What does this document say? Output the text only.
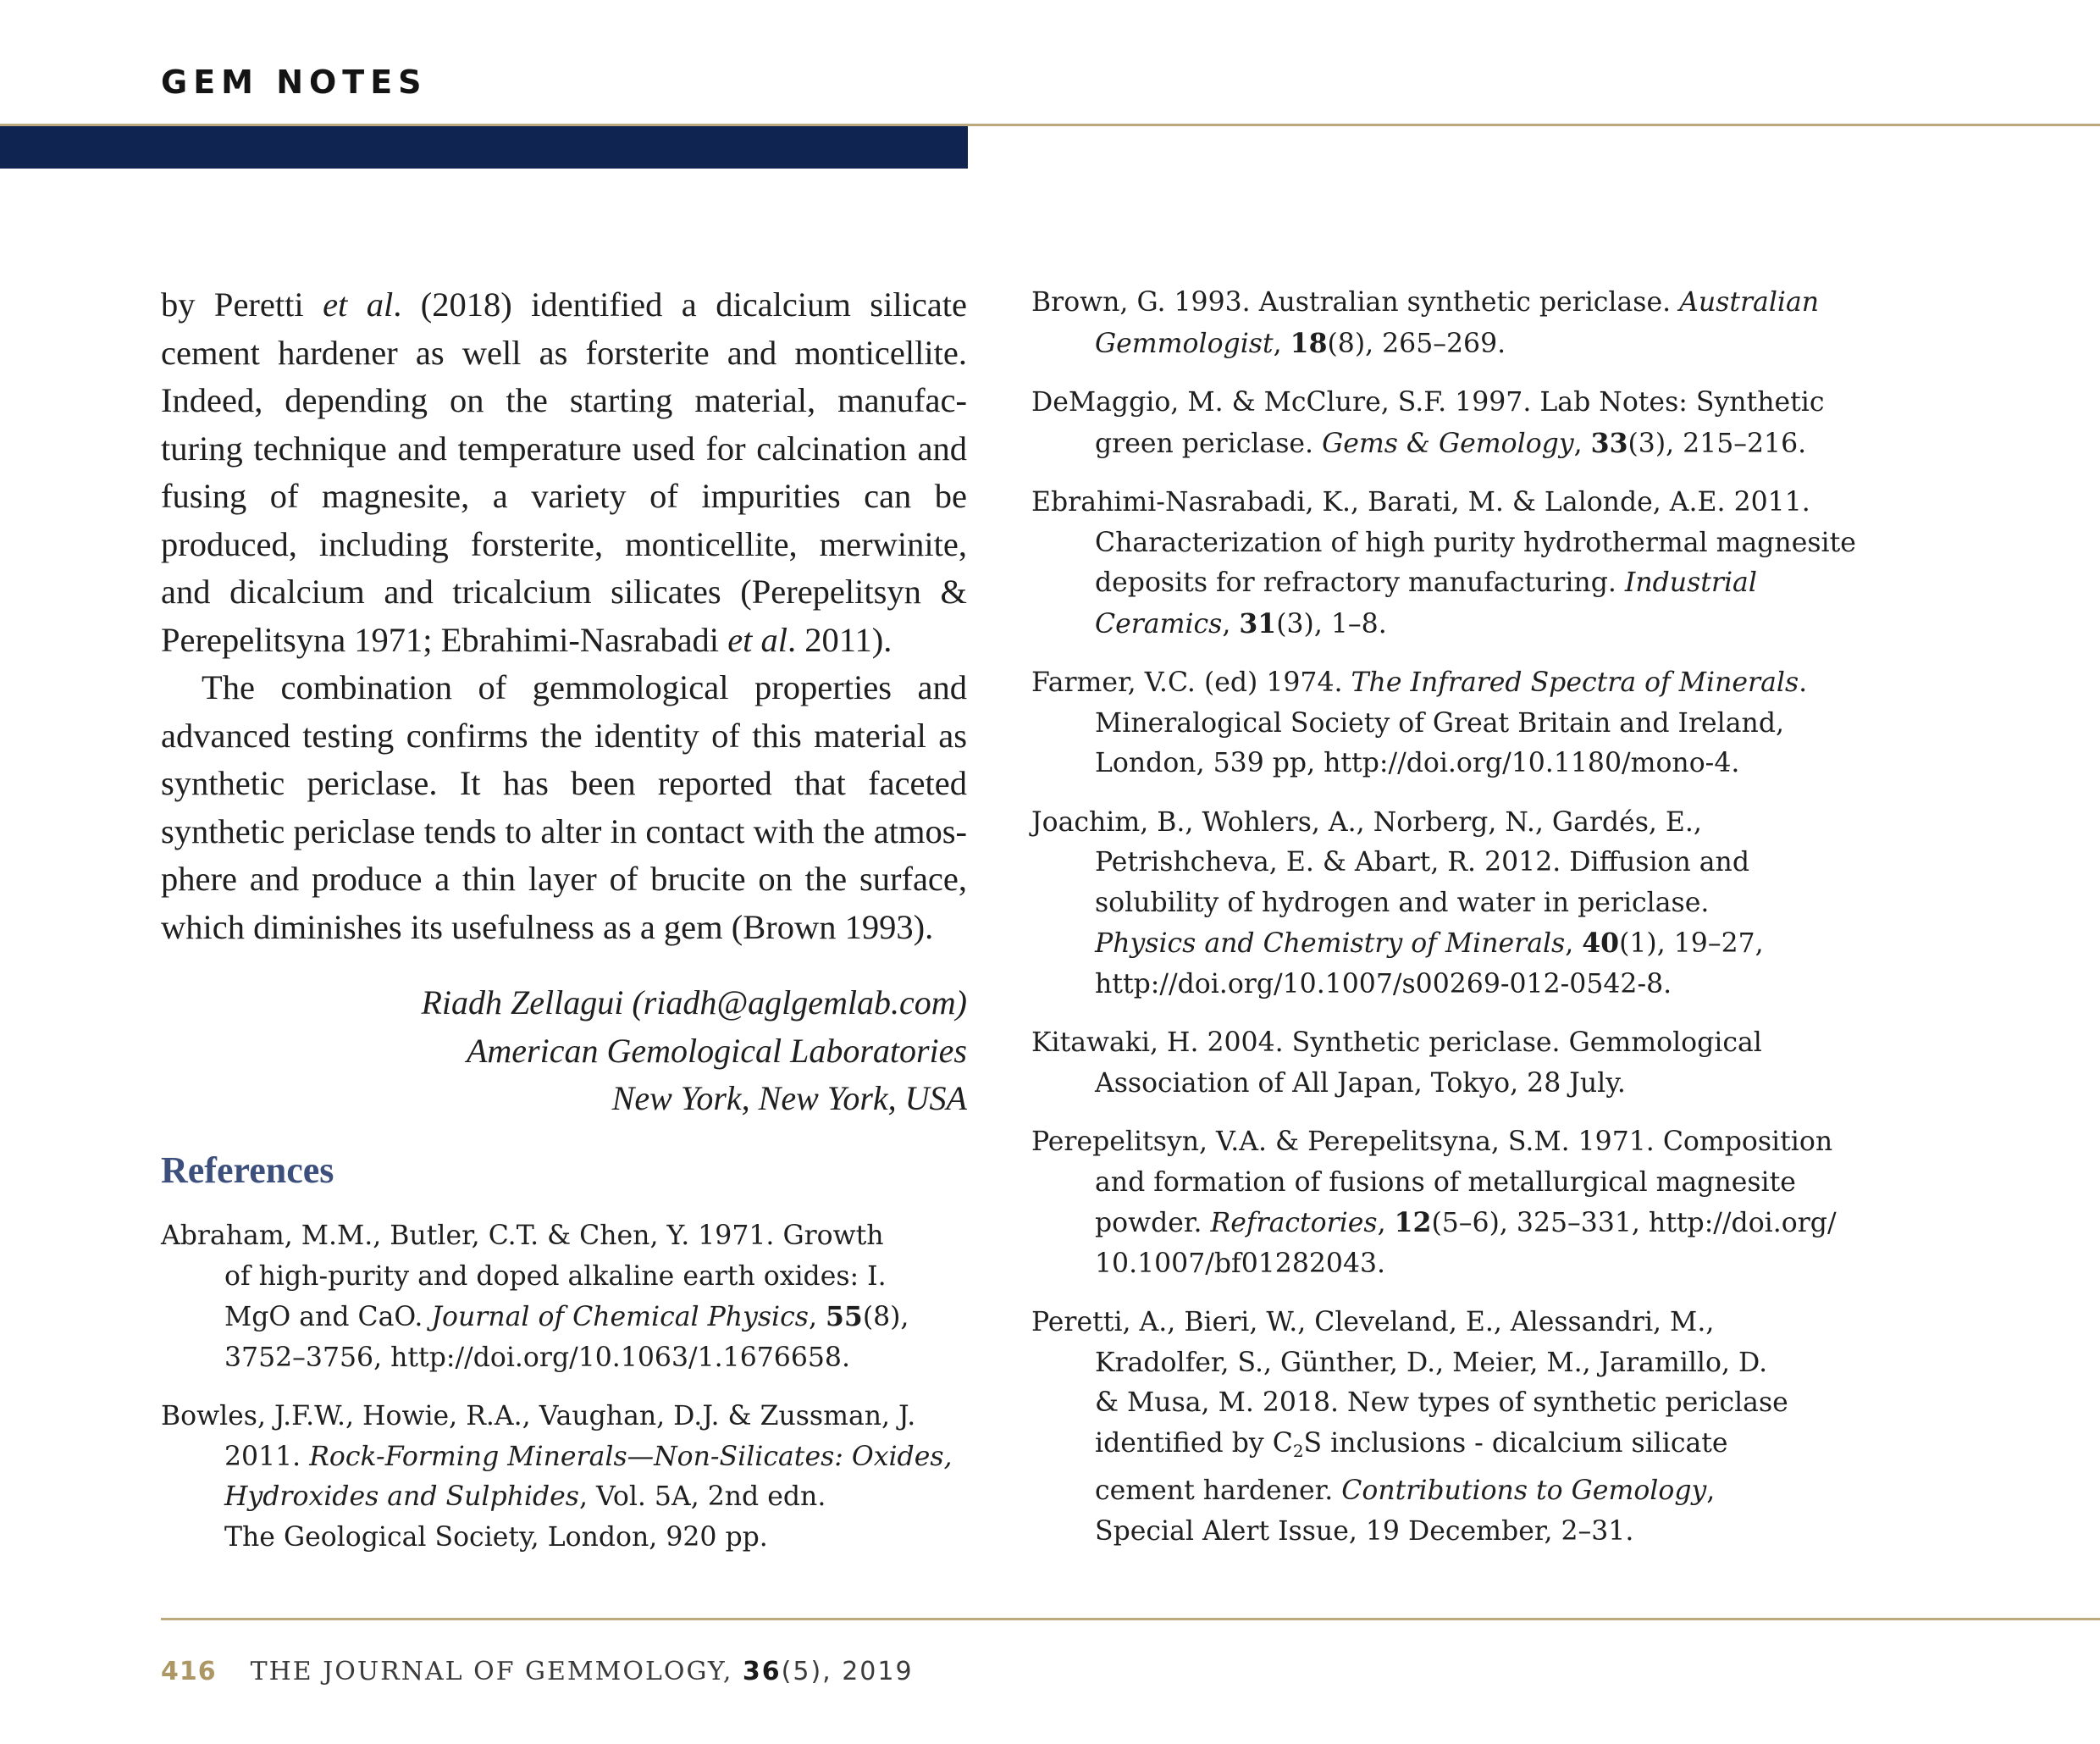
GEM NOTES

by Peretti et al. (2018) identified a dicalcium silicate cement hardener as well as forsterite and monticellite. Indeed, depending on the starting material, manufac-turing technique and temperature used for calcination and fusing of magnesite, a variety of impurities can be produced, including forsterite, monticellite, merwinite, and dicalcium and tricalcium silicates (Perepelitsyn & Perepelitsyna 1971; Ebrahimi-Nasrabadi et al. 2011).

The combination of gemmological properties and advanced testing confirms the identity of this material as synthetic periclase. It has been reported that faceted synthetic periclase tends to alter in contact with the atmos-phere and produce a thin layer of brucite on the surface, which diminishes its usefulness as a gem (Brown 1993).

Riadh Zellagui (riadh@aglgemlab.com)
American Gemological Laboratories
New York, New York, USA
References
Abraham, M.M., Butler, C.T. & Chen, Y. 1971. Growth
of high-purity and doped alkaline earth oxides: I.
MgO and CaO. Journal of Chemical Physics, 55(8),
3752–3756, http://doi.org/10.1063/1.1676658.
Bowles, J.F.W., Howie, R.A., Vaughan, D.J. & Zussman, J.
2011. Rock-Forming Minerals—Non-Silicates: Oxides,
Hydroxides and Sulphides, Vol. 5A, 2nd edn.
The Geological Society, London, 920 pp.
Brown, G. 1993. Australian synthetic periclase. Australian
Gemmologist, 18(8), 265–269.
DeMaggio, M. & McClure, S.F. 1997. Lab Notes: Synthetic
green periclase. Gems & Gemology, 33(3), 215–216.
Ebrahimi-Nasrabadi, K., Barati, M. & Lalonde, A.E. 2011.
Characterization of high purity hydrothermal magnesite
deposits for refractory manufacturing. Industrial
Ceramics, 31(3), 1–8.
Farmer, V.C. (ed) 1974. The Infrared Spectra of Minerals.
Mineralogical Society of Great Britain and Ireland,
London, 539 pp, http://doi.org/10.1180/mono-4.
Joachim, B., Wohlers, A., Norberg, N., Gardés, E.,
Petrishcheva, E. & Abart, R. 2012. Diffusion and
solubility of hydrogen and water in periclase.
Physics and Chemistry of Minerals, 40(1), 19–27,
http://doi.org/10.1007/s00269-012-0542-8.
Kitawaki, H. 2004. Synthetic periclase. Gemmological
Association of All Japan, Tokyo, 28 July.
Perepelitsyn, V.A. & Perepelitsyna, S.M. 1971. Composition
and formation of fusions of metallurgical magnesite
powder. Refractories, 12(5–6), 325–331, http://doi.org/
10.1007/bf01282043.
Peretti, A., Bieri, W., Cleveland, E., Alessandri, M.,
Kradolfer, S., Günther, D., Meier, M., Jaramillo, D.
& Musa, M. 2018. New types of synthetic periclase
identified by C2S inclusions - dicalcium silicate
cement hardener. Contributions to Gemology,
Special Alert Issue, 19 December, 2–31.
416 THE JOURNAL OF GEMMOLOGY, 36(5), 2019
